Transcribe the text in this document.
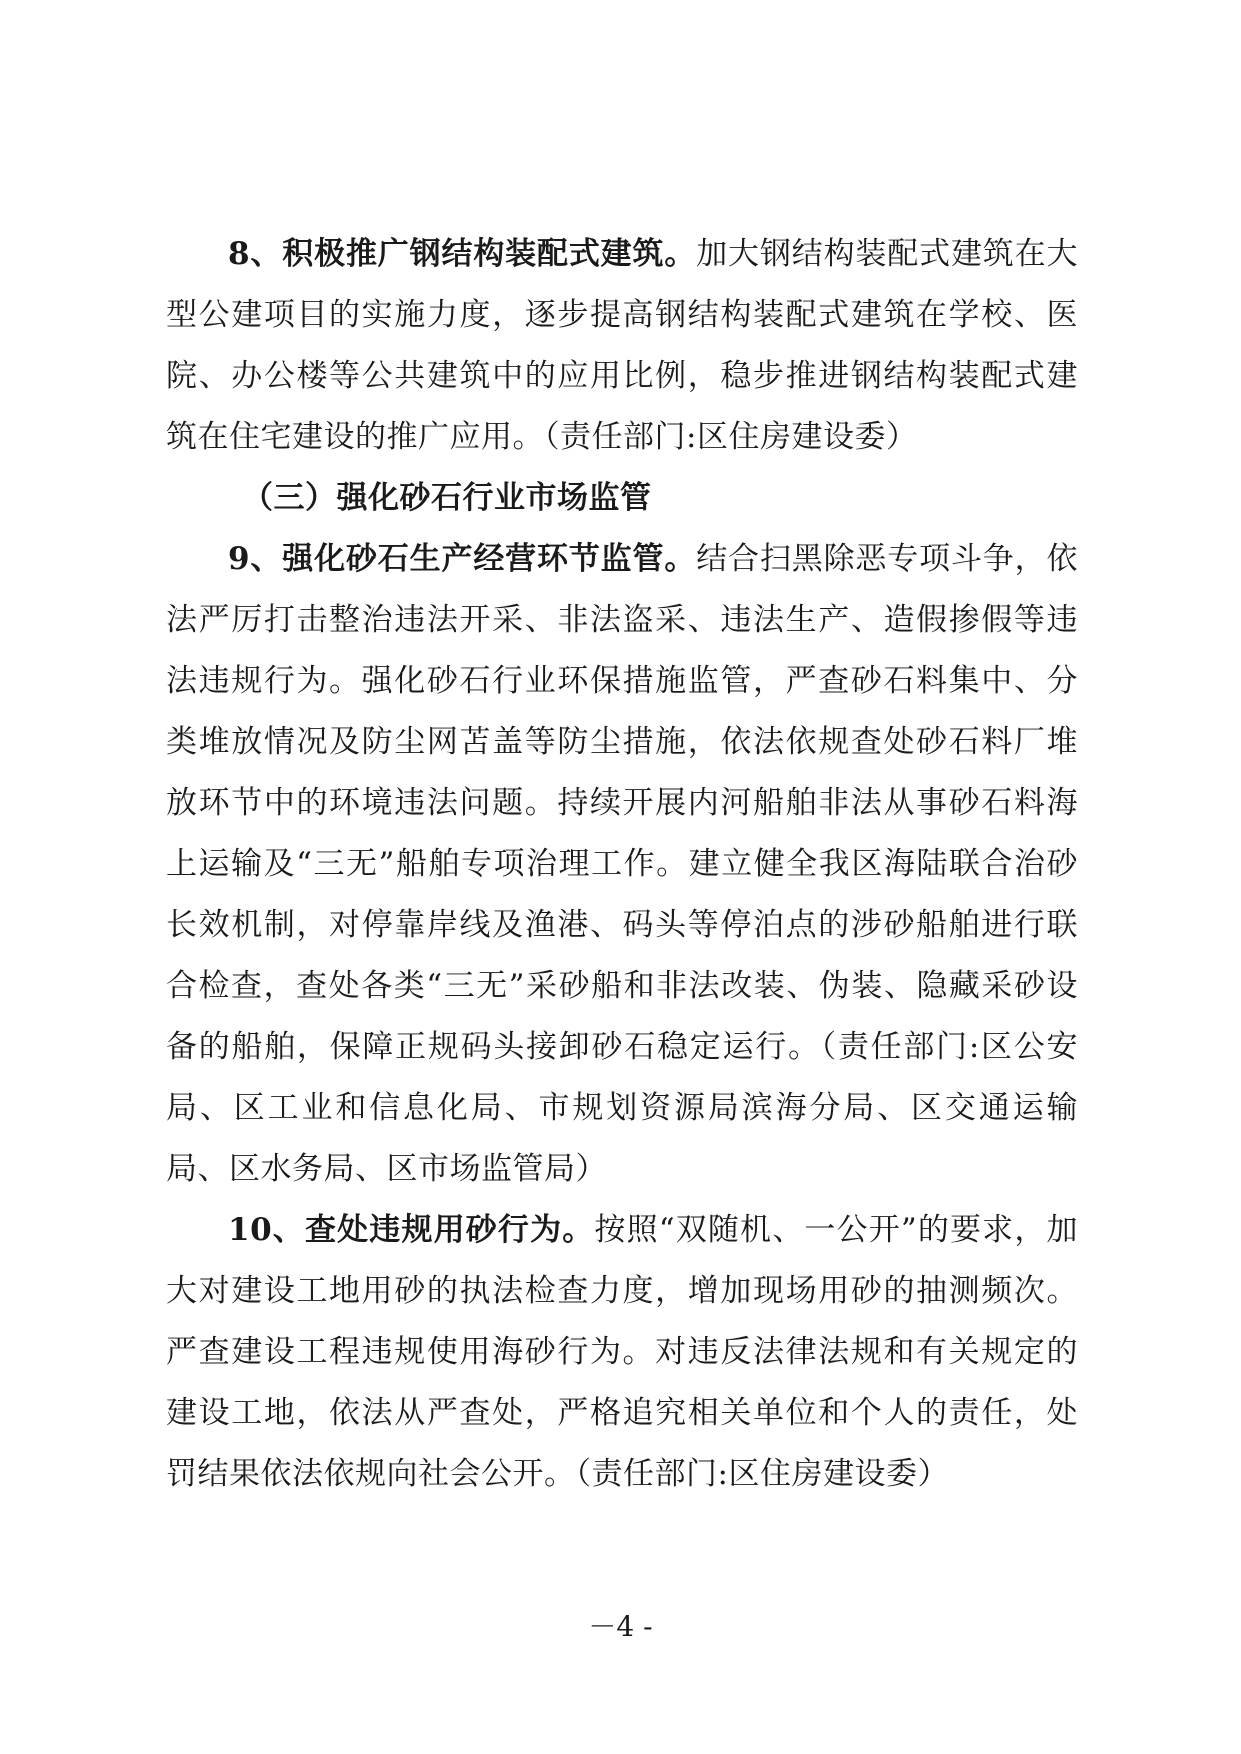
8、积极推广钢结构装配式建筑。加大钢结构装配式建筑在大型公建项目的实施力度，逐步提高钢结构装配式建筑在学校、医院、办公楼等公共建筑中的应用比例，稳步推进钢结构装配式建筑在住宅建设的推广应用。（责任部门:区住房建设委）

（三）强化砂石行业市场监管

9、强化砂石生产经营环节监管。结合扫黑除恶专项斗争，依法严厉打击整治违法开采、非法盗采、违法生产、造假掺假等违法违规行为。强化砂石行业环保措施监管，严查砂石料集中、分类堆放情况及防尘网苫盖等防尘措施，依法依规查处砂石料厂堆放环节中的环境违法问题。持续开展内河船舶非法从事砂石料海上运输及“三无”船舶专项治理工作。建立健全我区海陆联合治砂长效机制，对停靠岸线及渔港、码头等停泊点的涉砂船舶进行联合检查，查处各类“三无”采砂船和非法改装、伪装、隐藏采砂设备的船舶，保障正规码头接卸砂石稳定运行。（责任部门:区公安局、区工业和信息化局、市规划资源局滨海分局、区交通运输局、区水务局、区市场监管局）

10、查处违规用砂行为。按照“双随机、一公开”的要求，加大对建设工地用砂的执法检查力度，增加现场用砂的抽测频次。严查建设工程违规使用海砂行为。对违反法律法规和有关规定的建设工地，依法从严查处，严格追究相关单位和个人的责任，处罚结果依法依规向社会公开。（责任部门:区住房建设委）

－4 -
